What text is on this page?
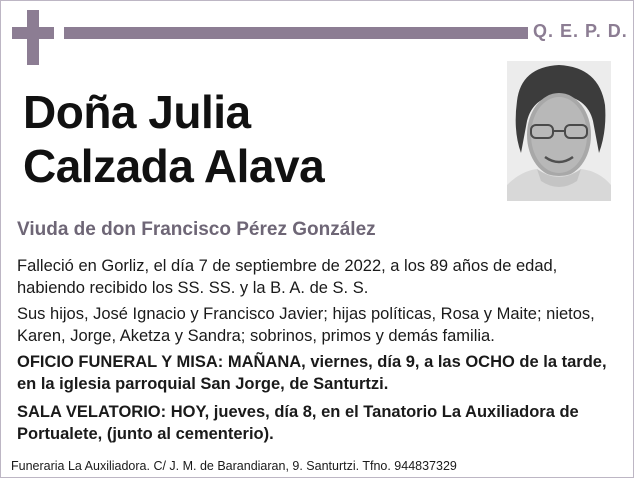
Q. E. P. D.
Doña Julia
Calzada Alava
Viuda de don Francisco Pérez González
Falleció en Gorliz, el día 7 de septiembre de 2022, a los 89 años de edad, habiendo recibido los SS. SS. y la B. A. de S. S.
Sus hijos, José Ignacio y Francisco Javier; hijas políticas, Rosa y Maite; nietos, Karen, Jorge, Aketza y Sandra; sobrinos, primos y demás familia.
OFICIO FUNERAL Y MISA: MAÑANA, viernes, día 9, a las OCHO de la tarde, en la iglesia parroquial San Jorge, de Santurtzi.
SALA VELATORIO: HOY, jueves, día 8, en el Tanatorio La Auxiliadora de Portualete, (junto al cementerio).
Funeraria La Auxiliadora. C/ J. M. de Barandiaran, 9. Santurtzi. Tfno. 944837329
